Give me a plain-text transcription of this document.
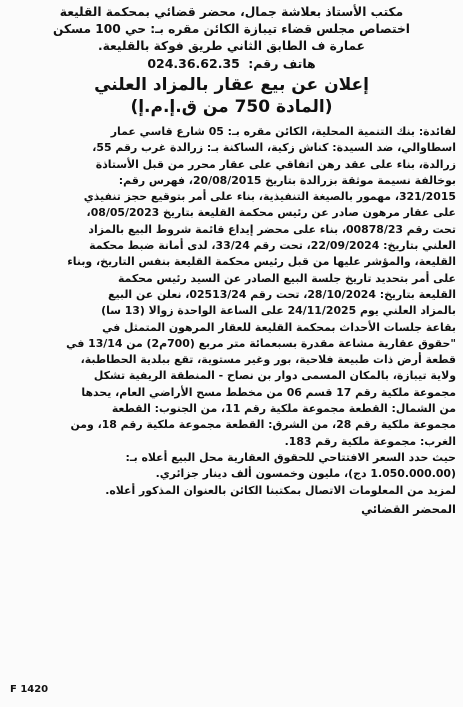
مكتب الأستاذ بعلاشة جمال، محضر قضائي بمحكمة القليعة
اختصاص مجلس قضاء تيبازة الكائن مقره بـ: حي 100 مسكن
عمارة ف الطابق الثاني طريق فوكة بالقليعة.
هاتف رقم: 024.36.62.35
إعلان عن بيع عقار بالمزاد العلني
(المادة 750 من ق.إ.م.إ)
لفائدة: بنك التنمية المحلية، الكائن مقره بـ: 05 شارع قاسي عمار
اسطاوالي، ضد السيدة: كناش زكية، الساكنة بـ: زرالدة غرب رقم 55،
زرالدة، بناء على عقد رهن اتفاقي على عقار محرر من قبل الأستاذة
بوخالفة نسيمة موثقة بزرالدة بتاريخ 20/08/2015، فهرس رقم:
321/2015، مهمور بالصيغة التنفيذية، بناء على أمر بتوقيع حجز تنفيذي
على عقار مرهون صادر عن رئيس محكمة القليعة بتاريخ 08/05/2023،
تحت رقم 00878/23، بناء على محضر إيداع قائمة شروط البيع بالمزاد
العلني بتاريخ: 22/09/2024، تحت رقم 33/24، لدى أمانة ضبط محكمة
القليعة، والمؤشر عليها من قبل رئيس محكمة القليعة بنفس التاريخ، وبناء
على أمر بتحديد تاريخ جلسة البيع الصادر عن السيد رئيس محكمة
القليعة بتاريخ: 28/10/2024، تحت رقم 02513/24، نعلن عن البيع
بالمزاد العلني يوم 24/11/2025 على الساعة الواحدة زوالا (13 سا)
بقاعة جلسات الأحداث بمحكمة القليعة للعقار المرهون المتمثل في
"حقوق عقارية مشاعة مقدرة بسبعمائة متر مربع (700م2) من 13/14 في
قطعة أرض ذات طبيعة فلاحية، بور وغير مستوية، تقع ببلدية الحطاطبة،
ولاية تيبازة، بالمكان المسمى دوار بن نصاح - المنطقة الريفية تشكل
مجموعة ملكية رقم 17 قسم 06 من مخطط مسح الأراضي العام، يحدها
من الشمال: القطعة مجموعة ملكية رقم 11، من الجنوب: القطعة
مجموعة ملكية رقم 28، من الشرق: القطعة مجموعة ملكية رقم 18، ومن
الغرب: مجموعة ملكية رقم 183.
حيث حدد السعر الافتتاحي للحقوق العقارية محل البيع أعلاه بـ:
(1.050.000.00 دج)، مليون وخمسون ألف دينار جزائري.
لمزيد من المعلومات الاتصال بمكتبنا الكائن بالعنوان المذكور أعلاه.
المحضر القضائي
F 1420
